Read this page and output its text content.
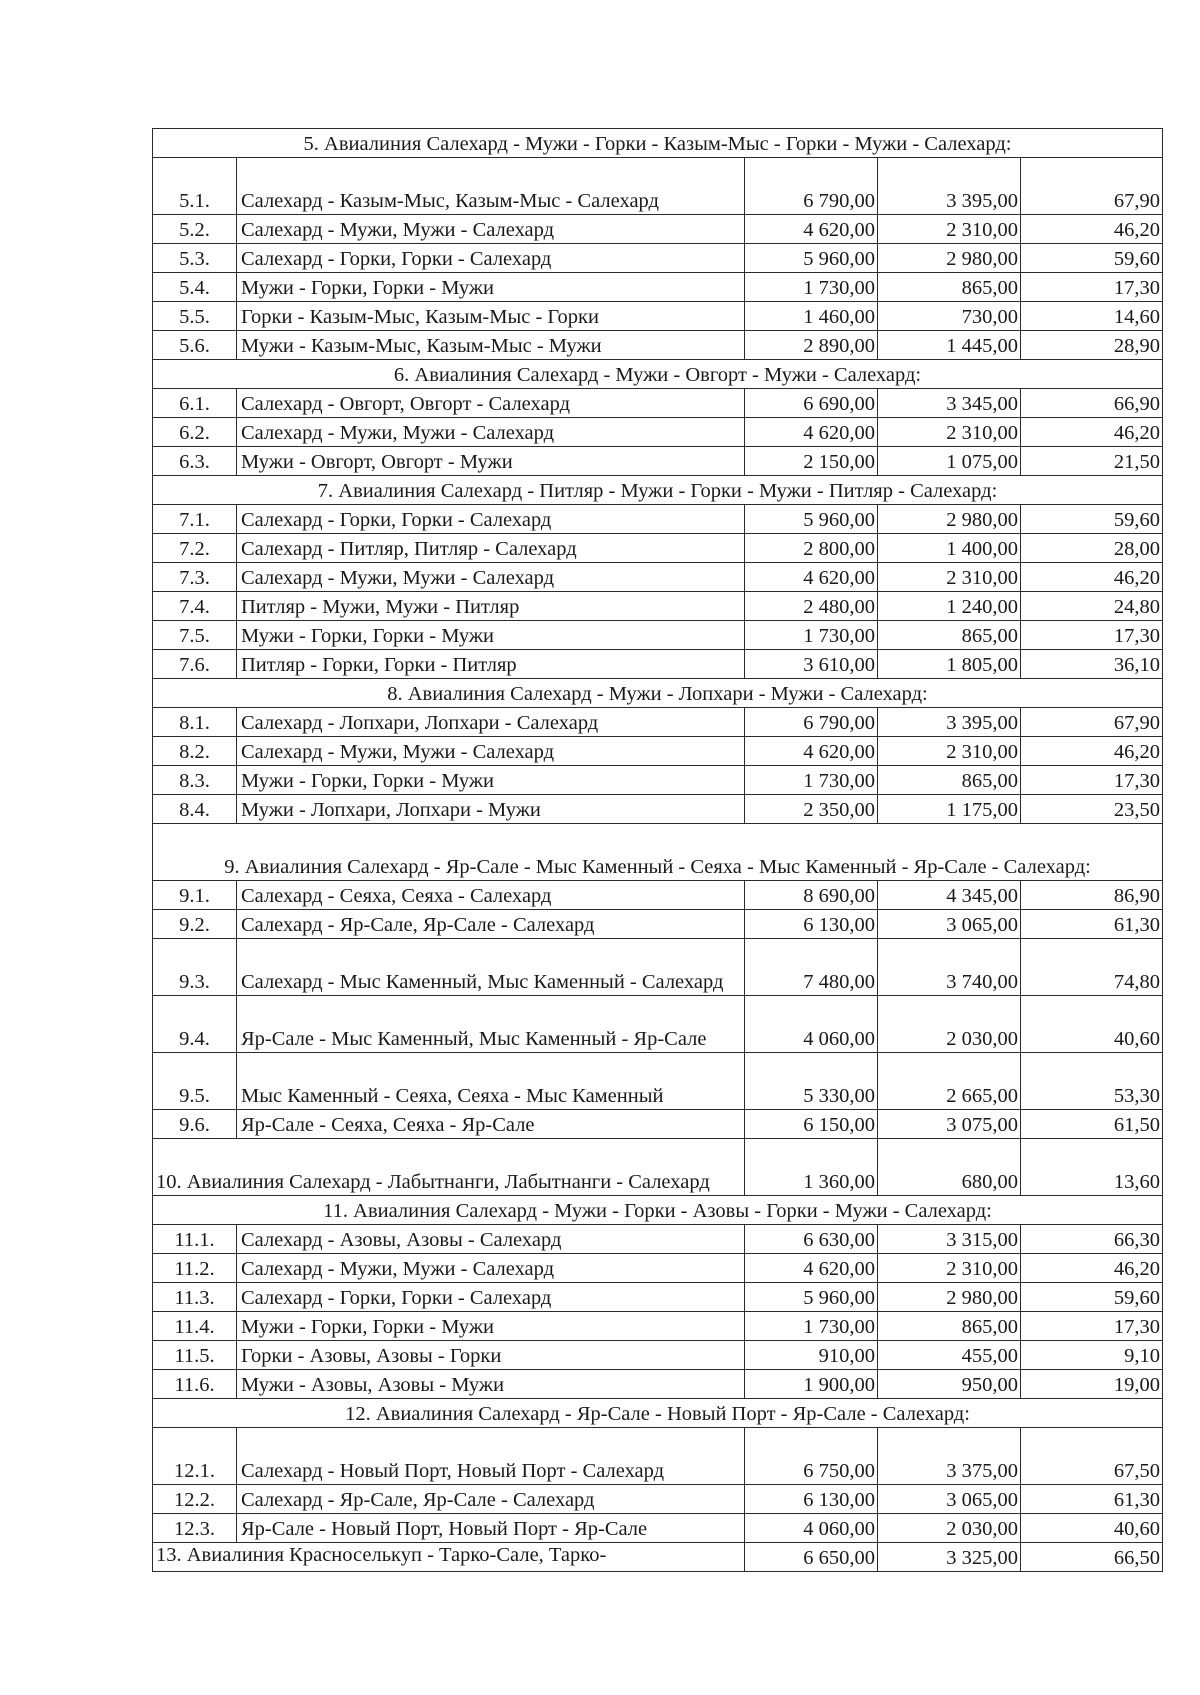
5. Авиалиния Салехард - Мужи - Горки - Казым-Мыс - Горки - Мужи - Салехард:				
5.1.	Салехард - Казым-Мыс, Казым-Мыс - Салехард	6 790,00	3 395,00	67,90
5.2.	Салехард - Мужи, Мужи - Салехард	4 620,00	2 310,00	46,20
5.3.	Салехард - Горки, Горки - Салехард	5 960,00	2 980,00	59,60
5.4.	Мужи - Горки, Горки - Мужи	1 730,00	865,00	17,30
5.5.	Горки - Казым-Мыс, Казым-Мыс - Горки	1 460,00	730,00	14,60
5.6.	Мужи - Казым-Мыс, Казым-Мыс - Мужи	2 890,00	1 445,00	28,90
6. Авиалиния Салехард - Мужи - Овгорт - Мужи - Салехард:				
6.1.	Салехард - Овгорт, Овгорт - Салехард	6 690,00	3 345,00	66,90
6.2.	Салехард - Мужи, Мужи - Салехард	4 620,00	2 310,00	46,20
6.3.	Мужи - Овгорт, Овгорт - Мужи	2 150,00	1 075,00	21,50
7. Авиалиния Салехард - Питляр - Мужи - Горки - Мужи - Питляр - Салехард:				
7.1.	Салехард - Горки, Горки - Салехард	5 960,00	2 980,00	59,60
7.2.	Салехард - Питляр, Питляр - Салехард	2 800,00	1 400,00	28,00
7.3.	Салехард - Мужи, Мужи - Салехард	4 620,00	2 310,00	46,20
7.4.	Питляр - Мужи, Мужи - Питляр	2 480,00	1 240,00	24,80
7.5.	Мужи - Горки, Горки - Мужи	1 730,00	865,00	17,30
7.6.	Питляр - Горки, Горки - Питляр	3 610,00	1 805,00	36,10
8. Авиалиния Салехард - Мужи - Лопхари - Мужи - Салехард:				
8.1.	Салехард - Лопхари, Лопхари - Салехард	6 790,00	3 395,00	67,90
8.2.	Салехард - Мужи, Мужи - Салехард	4 620,00	2 310,00	46,20
8.3.	Мужи - Горки, Горки - Мужи	1 730,00	865,00	17,30
8.4.	Мужи - Лопхари, Лопхари - Мужи	2 350,00	1 175,00	23,50
9. Авиалиния Салехард - Яр-Сале - Мыс Каменный - Сеяха - Мыс Каменный - Яр-Сале - Салехард:				
9.1.	Салехард - Сеяха, Сеяха - Салехард	8 690,00	4 345,00	86,90
9.2.	Салехард - Яр-Сале, Яр-Сале - Салехард	6 130,00	3 065,00	61,30
9.3.	Салехард - Мыс Каменный, Мыс Каменный - Салехард	7 480,00	3 740,00	74,80
9.4.	Яр-Сале - Мыс Каменный, Мыс Каменный - Яр-Сале	4 060,00	2 030,00	40,60
9.5.	Мыс Каменный - Сеяха, Сеяха - Мыс Каменный	5 330,00	2 665,00	53,30
9.6.	Яр-Сале - Сеяха, Сеяха - Яр-Сале	6 150,00	3 075,00	61,50
10. Авиалиния Салехард - Лабытнанги, Лабытнанги - Салехард		1 360,00	680,00	13,60
11. Авиалиния Салехард - Мужи - Горки - Азовы - Горки - Мужи - Салехард:				
11.1.	Салехард - Азовы, Азовы - Салехард	6 630,00	3 315,00	66,30
11.2.	Салехард - Мужи, Мужи - Салехард	4 620,00	2 310,00	46,20
11.3.	Салехард - Горки, Горки - Салехард	5 960,00	2 980,00	59,60
11.4.	Мужи - Горки, Горки - Мужи	1 730,00	865,00	17,30
11.5.	Горки - Азовы, Азовы - Горки	910,00	455,00	9,10
11.6.	Мужи - Азовы, Азовы - Мужи	1 900,00	950,00	19,00
12. Авиалиния Салехард - Яр-Сале - Новый Порт - Яр-Сале - Салехард:				
12.1.	Салехард - Новый Порт, Новый Порт - Салехард	6 750,00	3 375,00	67,50
12.2.	Салехард - Яр-Сале, Яр-Сале - Салехард	6 130,00	3 065,00	61,30
12.3.	Яр-Сале - Новый Порт, Новый Порт - Яр-Сале	4 060,00	2 030,00	40,60
13. Авиалиния Красноселькуп - Тарко-Сале, Тарко-		6 650,00	3 325,00	66,50
